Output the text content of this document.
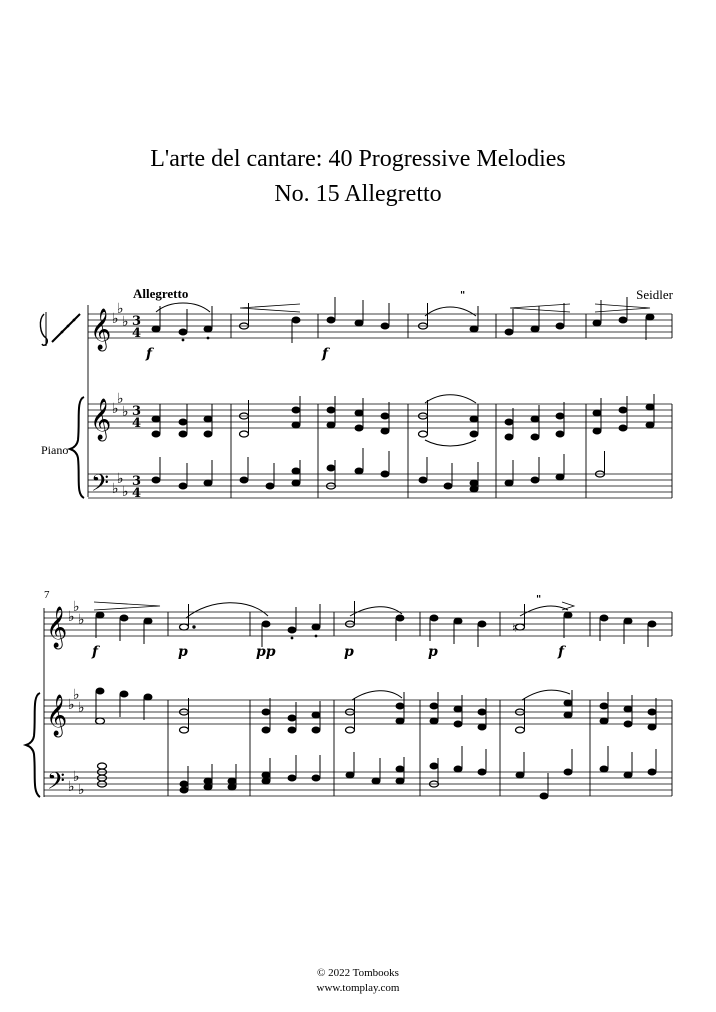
L'arte del cantare: 40 Progressive Melodies
No. 15 Allegretto
Seidler
Allegretto
Piano
7
𝄞
𝄞
𝄢
♭
♭
♭
♭
♭
♭
♭
♭
♭
3
4
3
4
3
4
"
f	f
𝄞
𝄞
𝄢
♭
♭
♭
♭
♭
♭
♭
♭
♭
"
♮
f	p	pp	p	p	f
© 2022 Tombooks
www.tomplay.com
